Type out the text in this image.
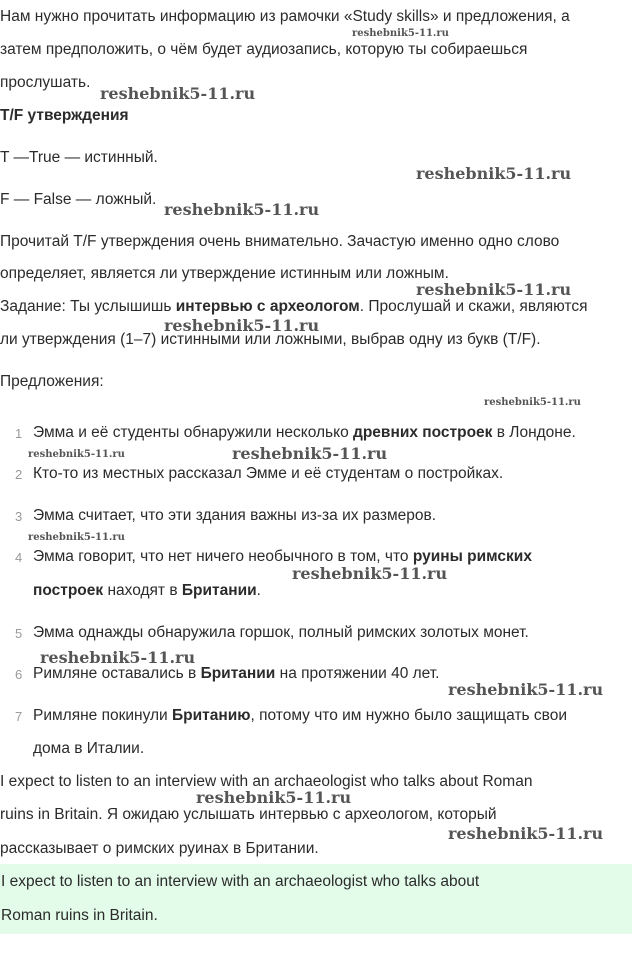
Нам нужно прочитать информацию из рамочки «Study skills» и предложения, а
затем предположить, о чём будет аудиозапись, которую ты собираешься
прослушать.
T/F утверждения
T —True — истинный.
F — False — ложный.
Прочитай T/F утверждения очень внимательно. Зачастую именно одно слово
определяет, является ли утверждение истинным или ложным.
Задание: Ты услышишь интервью с археологом. Прослушай и скажи, являются
ли утверждения (1–7) истинными или ложными, выбрав одну из букв (T/F).
Предложения:
1 Эмма и её студенты обнаружили несколько древних построек в Лондоне.
2 Кто-то из местных рассказал Эмме и её студентам о постройках.
3 Эмма считает, что эти здания важны из-за их размеров.
4 Эмма говорит, что нет ничего необычного в том, что руины римских
построек находят в Британии.
5 Эмма однажды обнаружила горшок, полный римских золотых монет.
6 Римляне оставались в Британии на протяжении 40 лет.
7 Римляне покинули Британию, потому что им нужно было защищать свои
дома в Италии.
I expect to listen to an interview with an archaeologist who talks about Roman
ruins in Britain. Я ожидаю услышать интервью с археологом, который
рассказывает о римских руинах в Британии.
I expect to listen to an interview with an archaeologist who talks about
Roman ruins in Britain.
reshebnik5-11.ru
reshebnik5-11.ru
reshebnik5-11.ru
reshebnik5-11.ru
reshebnik5-11.ru
reshebnik5-11.ru
reshebnik5-11.ru
reshebnik5-11.ru	reshebnik5-11.ru
reshebnik5-11.ru
reshebnik5-11.ru
reshebnik5-11.ru
reshebnik5-11.ru
reshebnik5-11.ru
reshebnik5-11.ru
